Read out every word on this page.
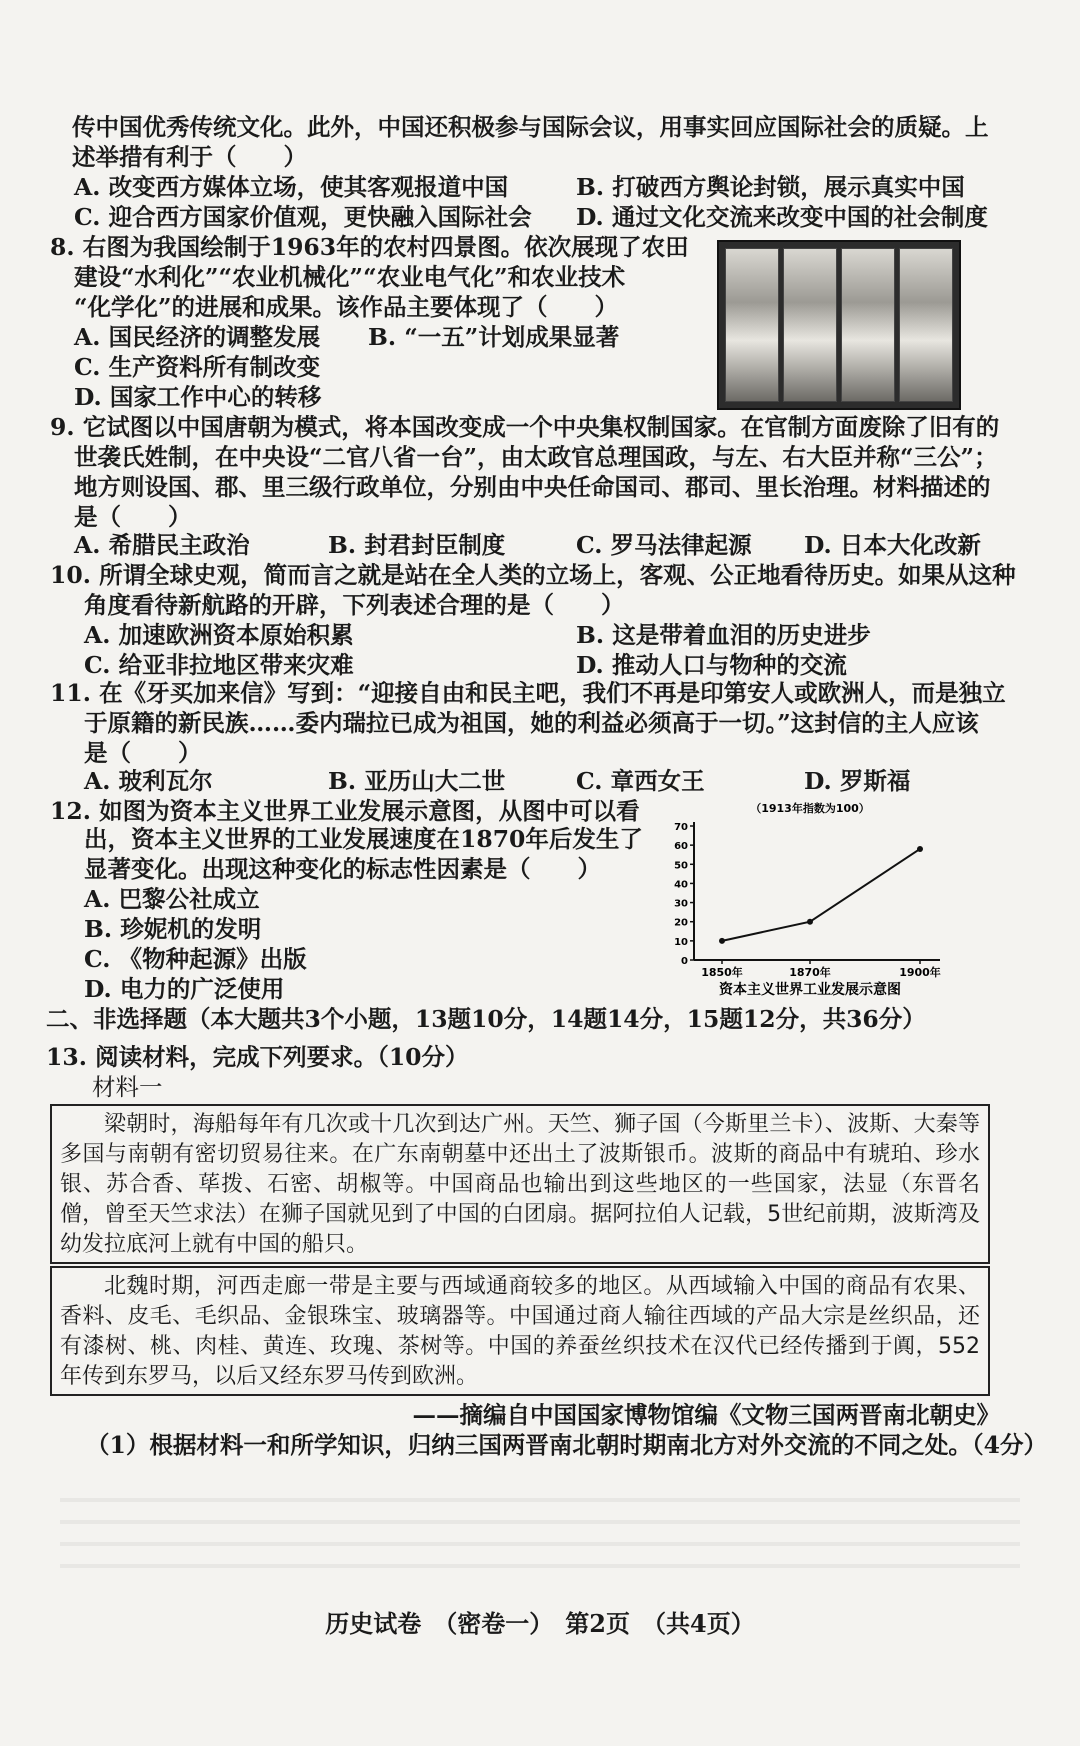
传中国优秀传统文化。此外，中国还积极参与国际会议，用事实回应国际社会的质疑。上
述举措有利于（　　）
A. 改变西方媒体立场，使其客观报道中国	B. 打破西方舆论封锁，展示真实中国
C. 迎合西方国家价值观，更快融入国际社会 D. 通过文化交流来改变中国的社会制度
8. 右图为我国绘制于1963年的农村四景图。依次展现了农田
建设“水利化”“农业机械化”“农业电气化”和农业技术
“化学化”的进展和成果。该作品主要体现了（　　）
A. 国民经济的调整发展 B. “一五”计划成果显著
C. 生产资料所有制改变
D. 国家工作中心的转移
9. 它试图以中国唐朝为模式，将本国改变成一个中央集权制国家。在官制方面废除了旧有的
世袭氏姓制，在中央设“二官八省一台”，由太政官总理国政，与左、右大臣并称“三公”；
地方则设国、郡、里三级行政单位，分别由中央任命国司、郡司、里长治理。材料描述的
是（　　）
A. 希腊民主政治	B. 封君封臣制度	C. 罗马法律起源 D. 日本大化改新
10. 所谓全球史观，简而言之就是站在全人类的立场上，客观、公正地看待历史。如果从这种
角度看待新航路的开辟，下列表述合理的是（　　）
A. 加速欧洲资本原始积累	B. 这是带着血泪的历史进步
C. 给亚非拉地区带来灾难	D. 推动人口与物种的交流
11. 在《牙买加来信》写到：“迎接自由和民主吧，我们不再是印第安人或欧洲人，而是独立
于原籍的新民族……委内瑞拉已成为祖国，她的利益必须高于一切。”这封信的主人应该
是（　　）
A. 玻利瓦尔	B. 亚历山大二世	C. 章西女王	D. 罗斯福
12. 如图为资本主义世界工业发展示意图，从图中可以看
出，资本主义世界的工业发展速度在1870年后发生了
显著变化。出现这种变化的标志性因素是（　　）
A. 巴黎公社成立
B. 珍妮机的发明
C. 《物种起源》出版
D. 电力的广泛使用
（1913年指数为100）
0
10
20
30
40
50
60
70
1850年	1870年	1900年
资本主义世界工业发展示意图
二、非选择题（本大题共3个小题，13题10分，14题14分，15题12分，共36分）
13. 阅读材料，完成下列要求。（10分）
材料一

梁朝时，海船每年有几次或十几次到达广州。天竺、狮子国（今斯里兰卡）、波斯、大秦等多国与南朝有密切贸易往来。在广东南朝墓中还出土了波斯银币。波斯的商品中有琥珀、珍水银、苏合香、荜拨、石密、胡椒等。中国商品也输出到这些地区的一些国家，法显（东晋名僧，曾至天竺求法）在狮子国就见到了中国的白团扇。据阿拉伯人记载，5世纪前期，波斯湾及幼发拉底河上就有中国的船只。

北魏时期，河西走廊一带是主要与西域通商较多的地区。从西域输入中国的商品有农果、香料、皮毛、毛织品、金银珠宝、玻璃器等。中国通过商人输往西域的产品大宗是丝织品，还有漆树、桃、肉桂、黄连、玫瑰、茶树等。中国的养蚕丝织技术在汉代已经传播到于阗，552年传到东罗马，以后又经东罗马传到欧洲。

——摘编自中国国家博物馆编《文物三国两晋南北朝史》
（1）根据材料一和所学知识，归纳三国两晋南北朝时期南北方对外交流的不同之处。（4分）
历史试卷　（密卷一）　第2页　（共4页）
